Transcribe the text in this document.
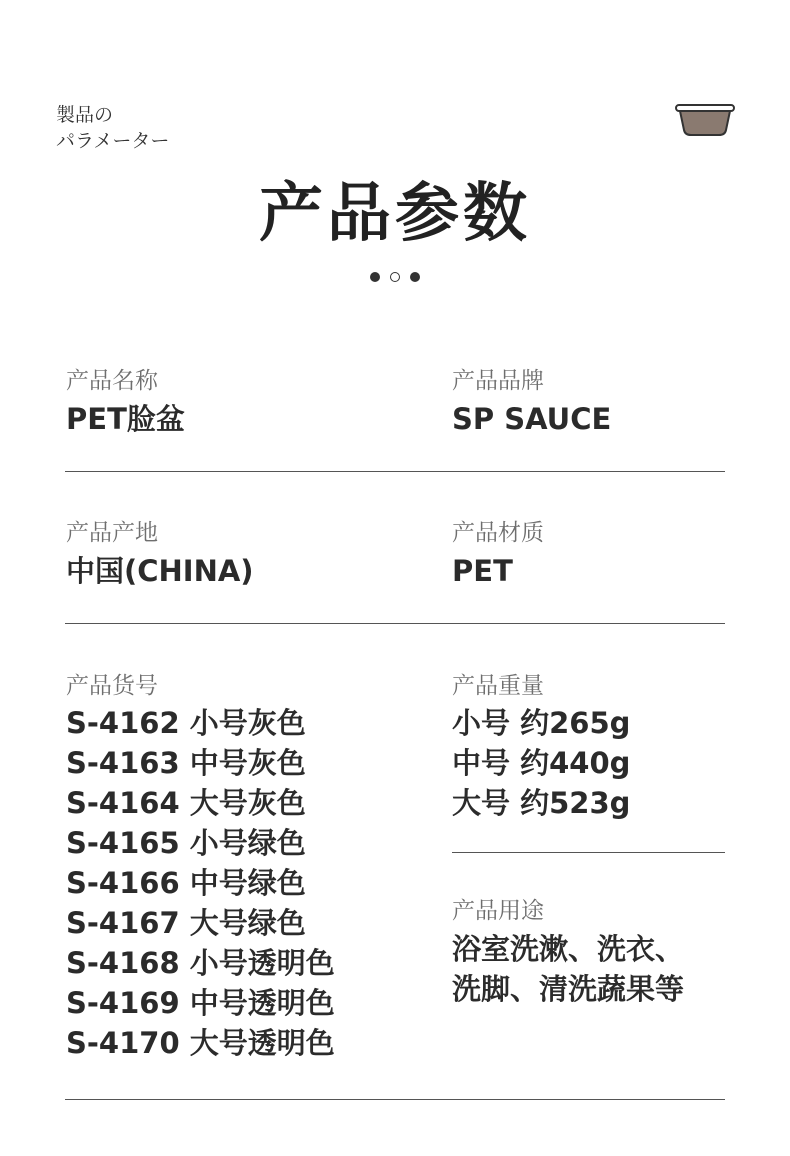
製品の
パラメーター
产品参数
产品名称
PET脸盆
产品品牌
SP SAUCE
产品产地
中国(CHINA)
产品材质
PET
产品货号
S-4162 小号灰色
S-4163 中号灰色
S-4164 大号灰色
S-4165 小号绿色
S-4166 中号绿色
S-4167 大号绿色
S-4168 小号透明色
S-4169 中号透明色
S-4170 大号透明色
产品重量
小号 约265g
中号 约440g
大号 约523g
产品用途
浴室洗漱、洗衣、
洗脚、清洗蔬果等
